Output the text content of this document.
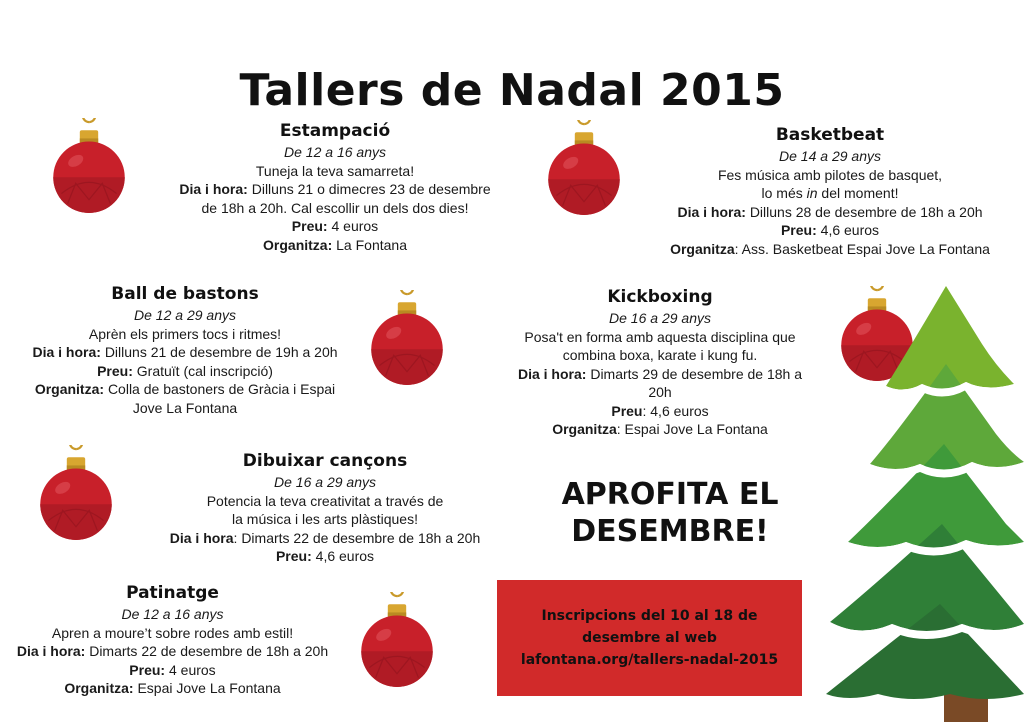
Tallers de Nadal 2015
Estampació
De 12 a 16 anys
Tuneja la teva samarreta!
Dia i hora: Dilluns 21 o dimecres 23 de desembre
de 18h a 20h. Cal escollir un dels dos dies!
Preu: 4 euros
Organitza: La Fontana
Basketbeat
De 14 a 29 anys
Fes música amb pilotes de basquet,
lo més in del moment!
Dia i hora: Dilluns 28 de desembre de 18h a 20h
Preu: 4,6 euros
Organitza: Ass. Basketbeat Espai Jove La Fontana
Ball de bastons
De 12 a 29 anys
Aprèn els primers tocs i ritmes!
Dia i hora: Dilluns 21 de desembre de 19h a 20h
Preu: Gratuït (cal inscripció)
Organitza: Colla de bastoners de Gràcia i Espai
Jove La Fontana
Kickboxing
De 16 a 29 anys
Posa't en forma amb aquesta disciplina que
combina boxa, karate i kung fu.
Dia i hora: Dimarts 29 de desembre de 18h a
20h
Preu: 4,6 euros
Organitza: Espai Jove La Fontana
Dibuixar cançons
De 16 a 29 anys
Potencia la teva creativitat a través de
la música i les arts plàstiques!
Dia i hora: Dimarts 22 de desembre de 18h a 20h
Preu: 4,6 euros
Patinatge
De 12 a 16 anys
Apren a moure’t sobre rodes amb estil!
Dia i hora: Dimarts 22 de desembre de 18h a 20h
Preu: 4 euros
Organitza: Espai Jove La Fontana
APROFITA EL
DESEMBRE!
Inscripcions del 10 al 18 de
desembre al web
lafontana.org/tallers-nadal-2015
